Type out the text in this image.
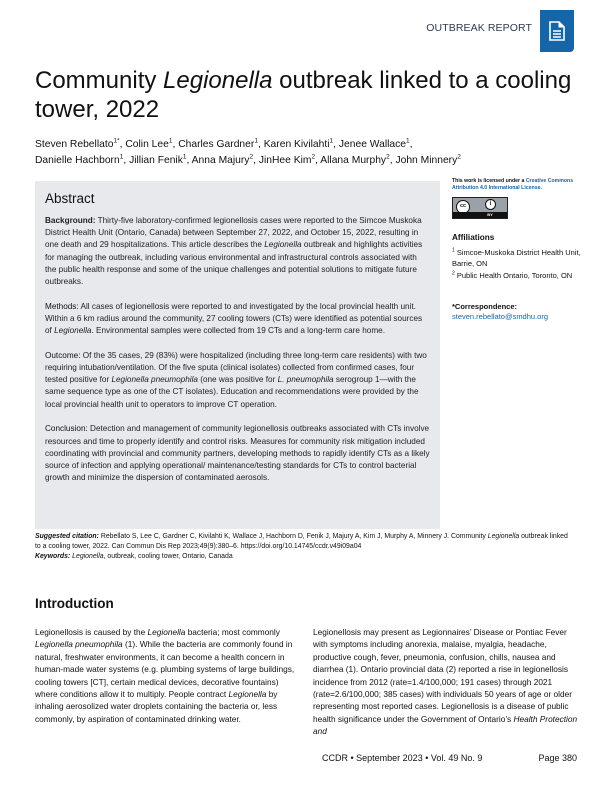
OUTBREAK REPORT
Community Legionella outbreak linked to a cooling tower, 2022
Steven Rebellato$^{1*}$, Colin Lee$^1$, Charles Gardner$^1$, Karen Kivilahti$^1$, Jenee Wallace$^1$,
Danielle Hachborn$^1$, Jillian Fenik$^1$, Anna Majury$^2$, JinHee Kim$^2$, Allana Murphy$^2$, John Minnery$^2$
Abstract

Background: Thirty-five laboratory-confirmed legionellosis cases were reported to the Simcoe Muskoka District Health Unit (Ontario, Canada) between September 27, 2022, and October 15, 2022, resulting in one death and 29 hospitalizations. This article describes the Legionella outbreak and highlights activities for managing the outbreak, including various environmental and infrastructural controls associated with the public health response and some of the unique challenges and potential solutions to mitigate future outbreaks.

Methods: All cases of legionellosis were reported to and investigated by the local provincial health unit. Within a 6 km radius around the community, 27 cooling towers (CTs) were identified as potential sources of Legionella. Environmental samples were collected from 19 CTs and a long-term care home.

Outcome: Of the 35 cases, 29 (83%) were hospitalized (including three long-term care residents) with two requiring intubation/ventilation. Of the five sputa (clinical isolates) collected from confirmed cases, four tested positive for Legionella pneumophila (one was positive for L. pneumophila serogroup 1—with the same sequence type as one of the CT isolates). Education and recommendations were provided by the local provincial health unit to operators to improve CT operation.

Conclusion: Detection and management of community legionellosis outbreaks associated with CTs involve resources and time to properly identify and control risks. Measures for community risk mitigation included coordinating with provincial and community partners, developing methods to rapidly identify CTs as a likely source of infection and applying operational/ maintenance/testing standards for CTs to control bacterial growth and minimize the dispersion of contaminated aerosols.

This work is licensed under a Creative Commons Attribution 4.0 International License.
cc	i
BY
Affiliations
$^1$ Simcoe-Muskoka District Health Unit, Barrie, ON
$^2$ Public Health Ontario, Toronto, ON
*Correspondence:
steven.rebellato@smdhu.org
Suggested citation: Rebellato S, Lee C, Gardner C, Kivilahti K, Wallace J, Hachborn D, Fenik J, Majury A, Kim J, Murphy A, Minnery J. Community Legionella outbreak linked to a cooling tower, 2022. Can Commun Dis Rep 2023;49(9):380–6. https://doi.org/10.14745/ccdr.v49i09a04
Keywords: Legionella, outbreak, cooling tower, Ontario, Canada
Introduction
Legionellosis is caused by the Legionella bacteria; most commonly Legionella pneumophila (1). While the bacteria are commonly found in natural, freshwater environments, it can become a health concern in human-made water systems (e.g. plumbing systems of large buildings, cooling towers [CT], certain medical devices, decorative fountains) where conditions allow it to multiply. People contract Legionella by inhaling aerosolized water droplets containing the bacteria or, less commonly, by aspiration of contaminated drinking water.
Legionellosis may present as Legionnaires’ Disease or Pontiac Fever with symptoms including anorexia, malaise, myalgia, headache, productive cough, fever, pneumonia, confusion, chills, nausea and diarrhea (1). Ontario provincial data (2) reported a rise in legionellosis incidence from 2012 (rate=1.4/100,000; 191 cases) through 2021 (rate=2.6/100,000; 385 cases) with individuals 50 years of age or older representing most reported cases. Legionellosis is a disease of public health significance under the Government of Ontario’s Health Protection and
CCDR • September 2023 • Vol. 49 No. 9	Page 380
